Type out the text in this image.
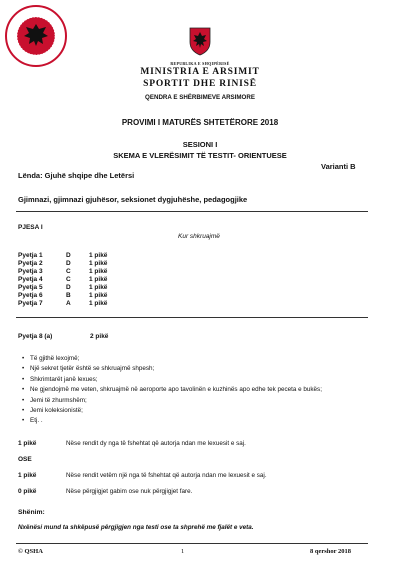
REPUBLIKA E SHQIPËRISË
MINISTRIA E ARSIMIT
SPORTIT DHE RINISË
QENDRA E SHËRBIMEVE ARSIMORE
PROVIMI I MATURËS SHTETËRORE 2018
SESIONI I
SKEMA E VLERËSIMIT TË TESTIT- ORIENTUESE
Varianti B
Lënda: Gjuhë shqipe dhe Letërsi
Gjimnazi, gjimnazi gjuhësor, seksionet dygjuhëshe, pedagogjike
PJESA I
Kur shkruajmë
Pyetja 1	D	1 pikë
Pyetja 2	D	1 pikë
Pyetja 3	C	1 pikë
Pyetja 4	C	1 pikë
Pyetja 5	D	1 pikë
Pyetja 6	B	1 pikë
Pyetja 7	A	1 pikë
Pyetja 8 (a)	2 pikë
• Të gjithë lexojmë;
• Një sekret tjetër është se shkruajmë shpesh;
• Shkrimtarët janë lexues;
• Ne gjendojmë me veten, shkruajmë në aeroporte apo tavolinën e kuzhinës apo edhe tek peceta e bukës;
• Jemi të zhurmshëm;
• Jemi koleksionistë;
• Etj. .
1 pikë	Nëse rendit dy nga të fshehtat që autorja ndan me lexuesit e saj.
OSE
1 pikë	Nëse rendit vetëm një nga të fshehtat që autorja ndan me lexuesit e saj.
0 pikë	Nëse përgjigjet gabim ose nuk përgjigjet fare.
Shënim:
Nxënësi mund ta shkëpusë përgjigjen nga testi ose ta shprehë me fjalët e veta.
© QSHA	1	8 qershor 2018
